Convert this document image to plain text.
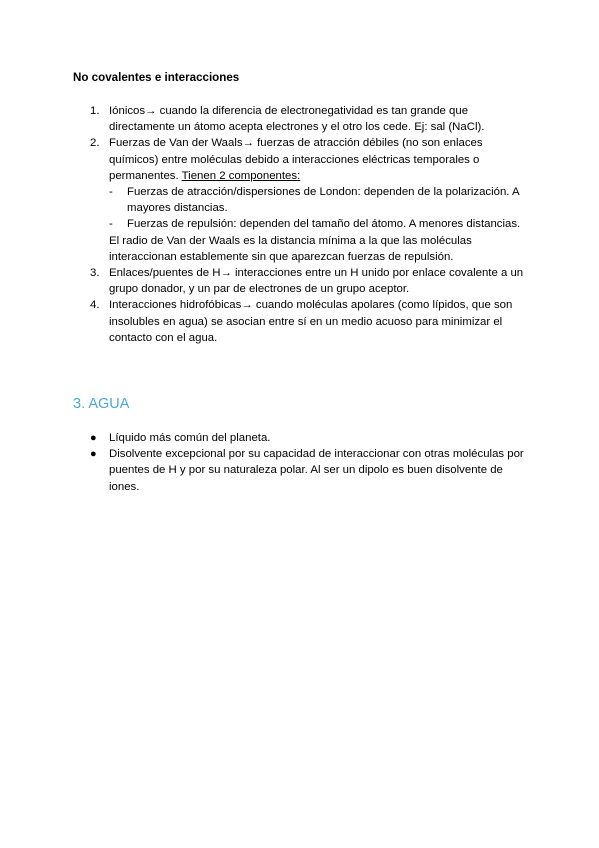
No covalentes e interacciones
1. Iónicos→ cuando la diferencia de electronegatividad es tan grande que directamente un átomo acepta electrones y el otro los cede. Ej: sal (NaCl).
2. Fuerzas de Van der Waals→ fuerzas de atracción débiles (no son enlaces químicos) entre moléculas debido a interacciones eléctricas temporales o permanentes. Tienen 2 componentes:
- Fuerzas de atracción/dispersiones de London: dependen de la polarización. A mayores distancias.
- Fuerzas de repulsión: dependen del tamaño del átomo. A menores distancias.
El radio de Van der Waals es la distancia mínima a la que las moléculas interaccionan establemente sin que aparezcan fuerzas de repulsión.
3. Enlaces/puentes de H→ interacciones entre un H unido por enlace covalente a un grupo donador, y un par de electrones de un grupo aceptor.
4. Interacciones hidrofóbicas→ cuando moléculas apolares (como lípidos, que son insolubles en agua) se asocian entre sí en un medio acuoso para minimizar el contacto con el agua.
3. AGUA
● Líquido más común del planeta.
● Disolvente excepcional por su capacidad de interaccionar con otras moléculas por puentes de H y por su naturaleza polar. Al ser un dipolo es buen disolvente de iones.
